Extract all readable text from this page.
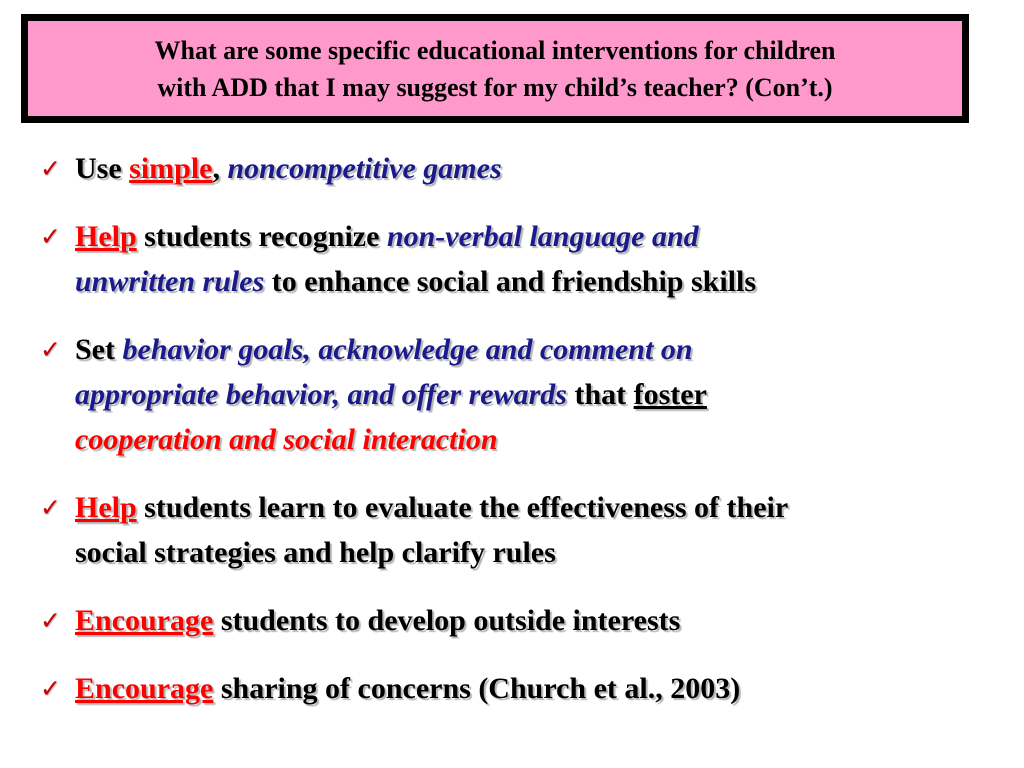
What are some specific educational interventions for children
with ADD that I may suggest for my child’s teacher? (Con’t.)

✓ Use simple, noncompetitive games
✓ Help students recognize non-verbal language and
unwritten rules to enhance social and friendship skills
✓ Set behavior goals, acknowledge and comment on
appropriate behavior, and offer rewards that foster
cooperation and social interaction
✓ Help students learn to evaluate the effectiveness of their
social strategies and help clarify rules
✓ Encourage students to develop outside interests
✓ Encourage sharing of concerns (Church et al., 2003)
